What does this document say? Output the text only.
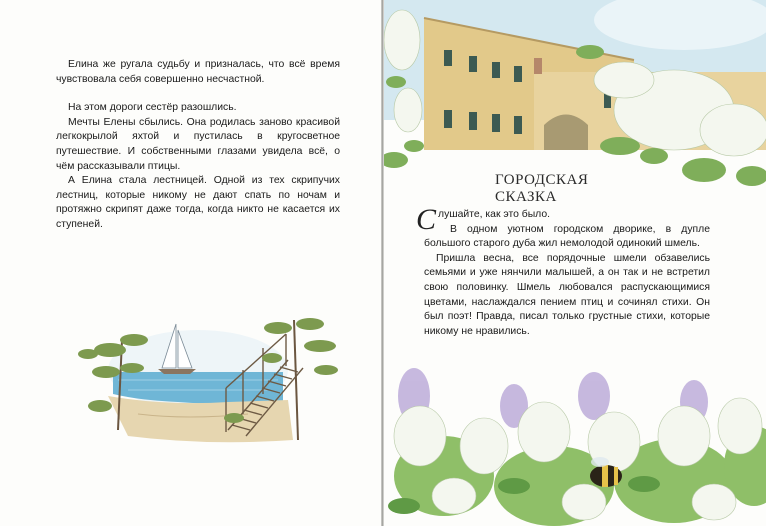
Елина же ругала судьбу и призналась, что всё время чувствовала себя совершенно несчастной.

На этом дороги сестёр разошлись.

Мечты Елены сбылись. Она родилась заново красивой легкокрылой яхтой и пустилась в кругосветное путешествие. И собственными глазами увидела всё, о чём рассказывали птицы.

А Елина стала лестницей. Одной из тех скрипучих лестниц, которые никому не дают спать по ночам и протяжно скрипят даже тогда, когда никто не касается их ступеней.

ГОРОДСКАЯ СКАЗКА

Слушайте, как это было.

В одном уютном городском дворике, в дупле большого старого дуба жил немолодой одинокий шмель.

Пришла весна, все порядочные шмели обзавелись семьями и уже нянчили малышей, а он так и не встретил свою половинку. Шмель любовался распускающимися цветами, наслаждался пением птиц и сочинял стихи. Он был поэт! Правда, писал только грустные стихи, которые никому не нравились.
